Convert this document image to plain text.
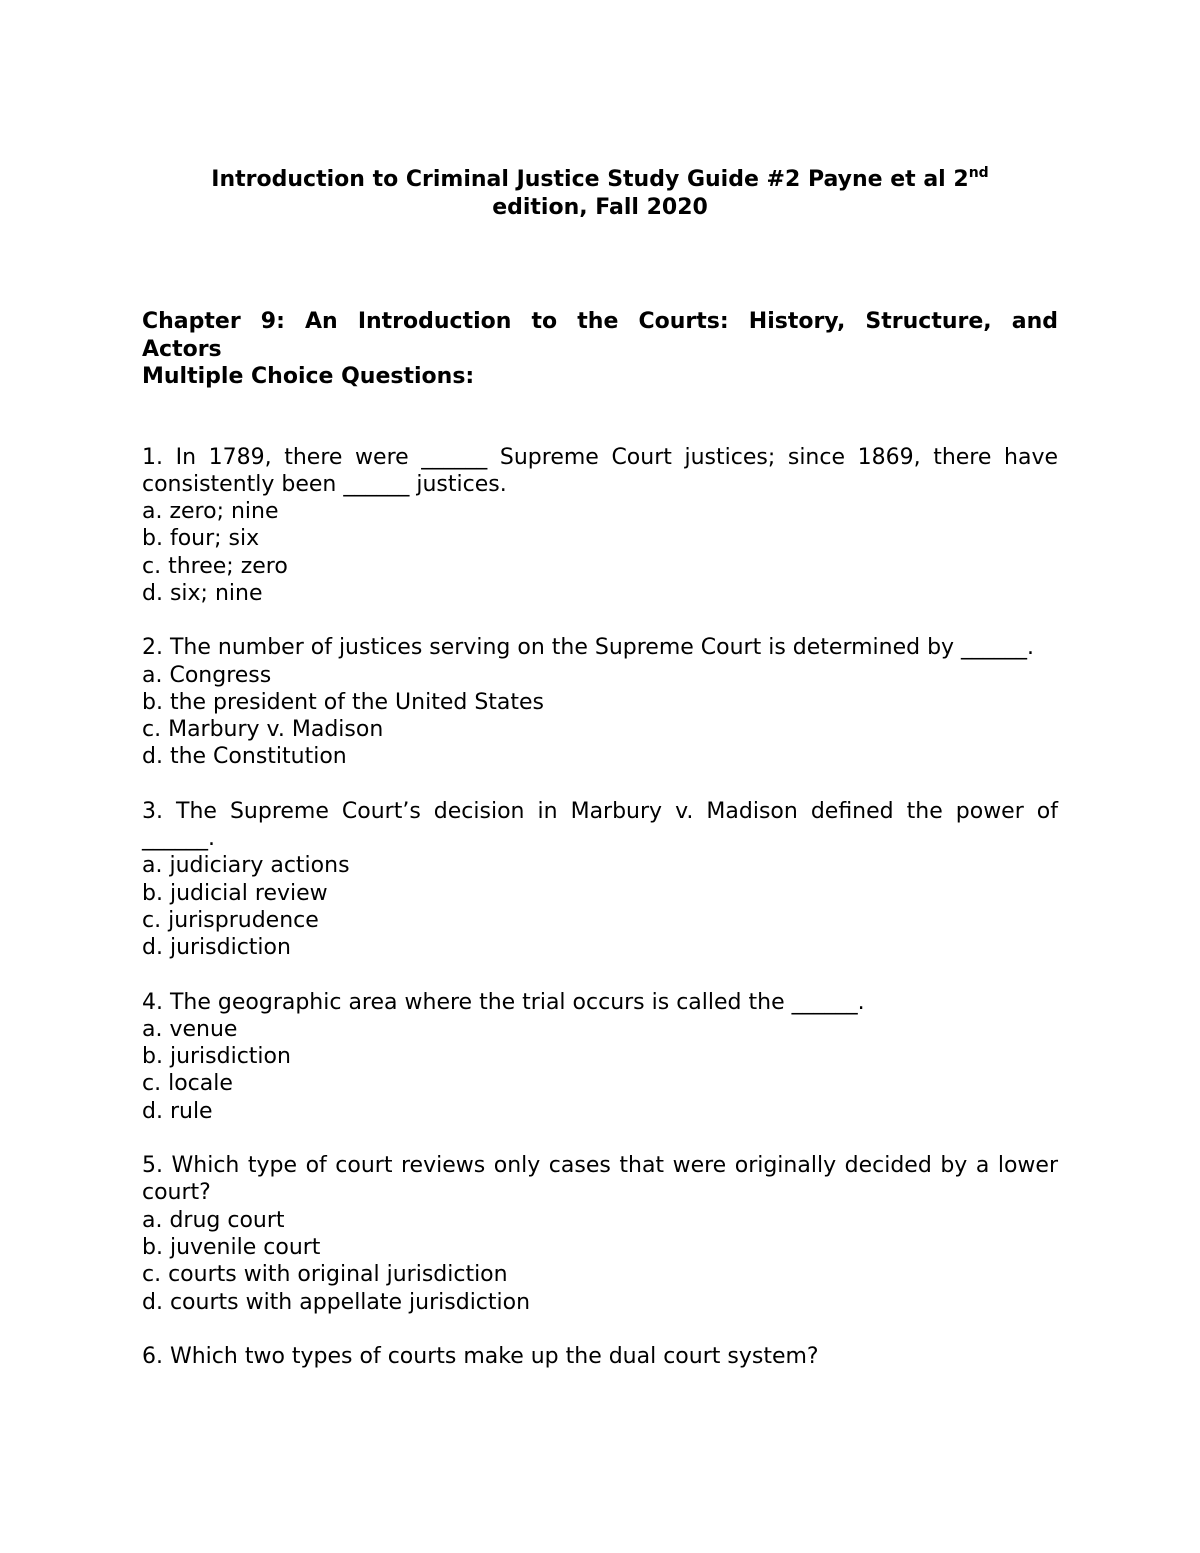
Introduction to Criminal Justice Study Guide #2 Payne et al 2nd
edition, Fall 2020
Chapter 9: An Introduction to the Courts: History, Structure, and
Actors
Multiple Choice Questions:
1. In 1789, there were ______ Supreme Court justices; since 1869, there have consistently been ______ justices.
a. zero; nine
b. four; six
c. three; zero
d. six; nine
2. The number of justices serving on the Supreme Court is determined by ______.
a. Congress
b. the president of the United States
c. Marbury v. Madison
d. the Constitution
3. The Supreme Court’s decision in Marbury v. Madison defined the power of ______.
a. judiciary actions
b. judicial review
c. jurisprudence
d. jurisdiction
4. The geographic area where the trial occurs is called the ______.
a. venue
b. jurisdiction
c. locale
d. rule
5. Which type of court reviews only cases that were originally decided by a lower court?
a. drug court
b. juvenile court
c. courts with original jurisdiction
d. courts with appellate jurisdiction
6. Which two types of courts make up the dual court system?
